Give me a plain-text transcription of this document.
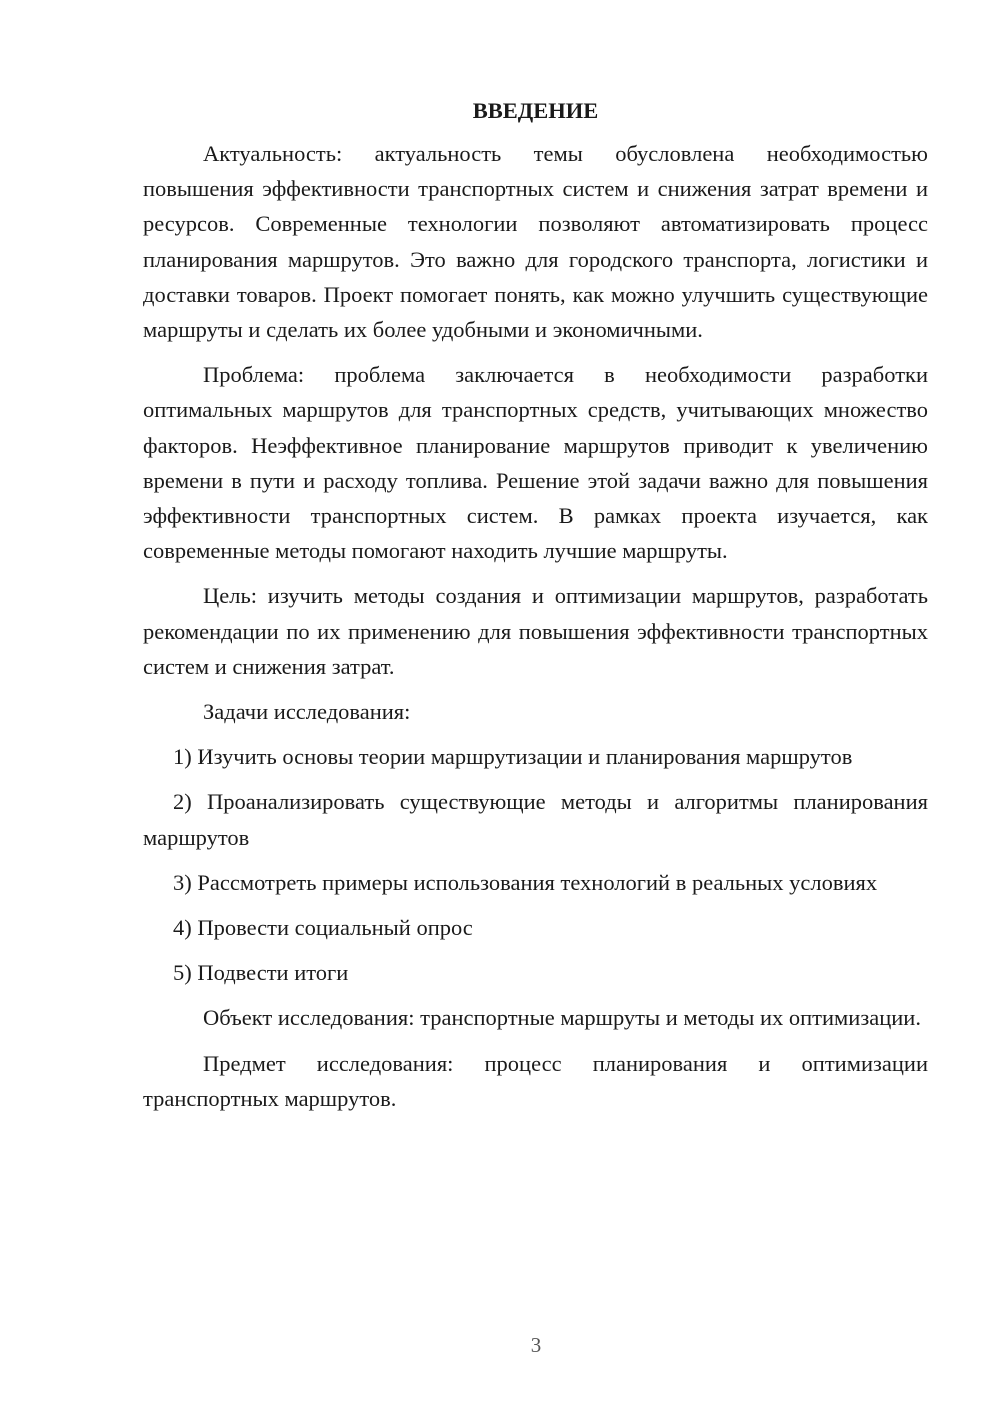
ВВЕДЕНИЕ

Актуальность: актуальность темы обусловлена необходимостью повышения эффективности транспортных систем и снижения затрат времени и ресурсов. Современные технологии позволяют автоматизировать процесс планирования маршрутов. Это важно для городского транспорта, логистики и доставки товаров. Проект помогает понять, как можно улучшить существующие маршруты и сделать их более удобными и экономичными.

Проблема: проблема заключается в необходимости разработки оптимальных маршрутов для транспортных средств, учитывающих множество факторов. Неэффективное планирование маршрутов приводит к увеличению времени в пути и расходу топлива. Решение этой задачи важно для повышения эффективности транспортных систем. В рамках проекта изучается, как современные методы помогают находить лучшие маршруты.

Цель: изучить методы создания и оптимизации маршрутов, разработать рекомендации по их применению для повышения эффективности транспортных систем и снижения затрат.

Задачи исследования:

1) Изучить основы теории маршрутизации и планирования маршрутов

2) Проанализировать существующие методы и алгоритмы планирования маршрутов

3) Рассмотреть примеры использования технологий в реальных условиях

4) Провести социальный опрос

5) Подвести итоги

Объект исследования: транспортные маршруты и методы их оптимизации.

Предмет исследования: процесс планирования и оптимизации транспортных маршрутов.

3
